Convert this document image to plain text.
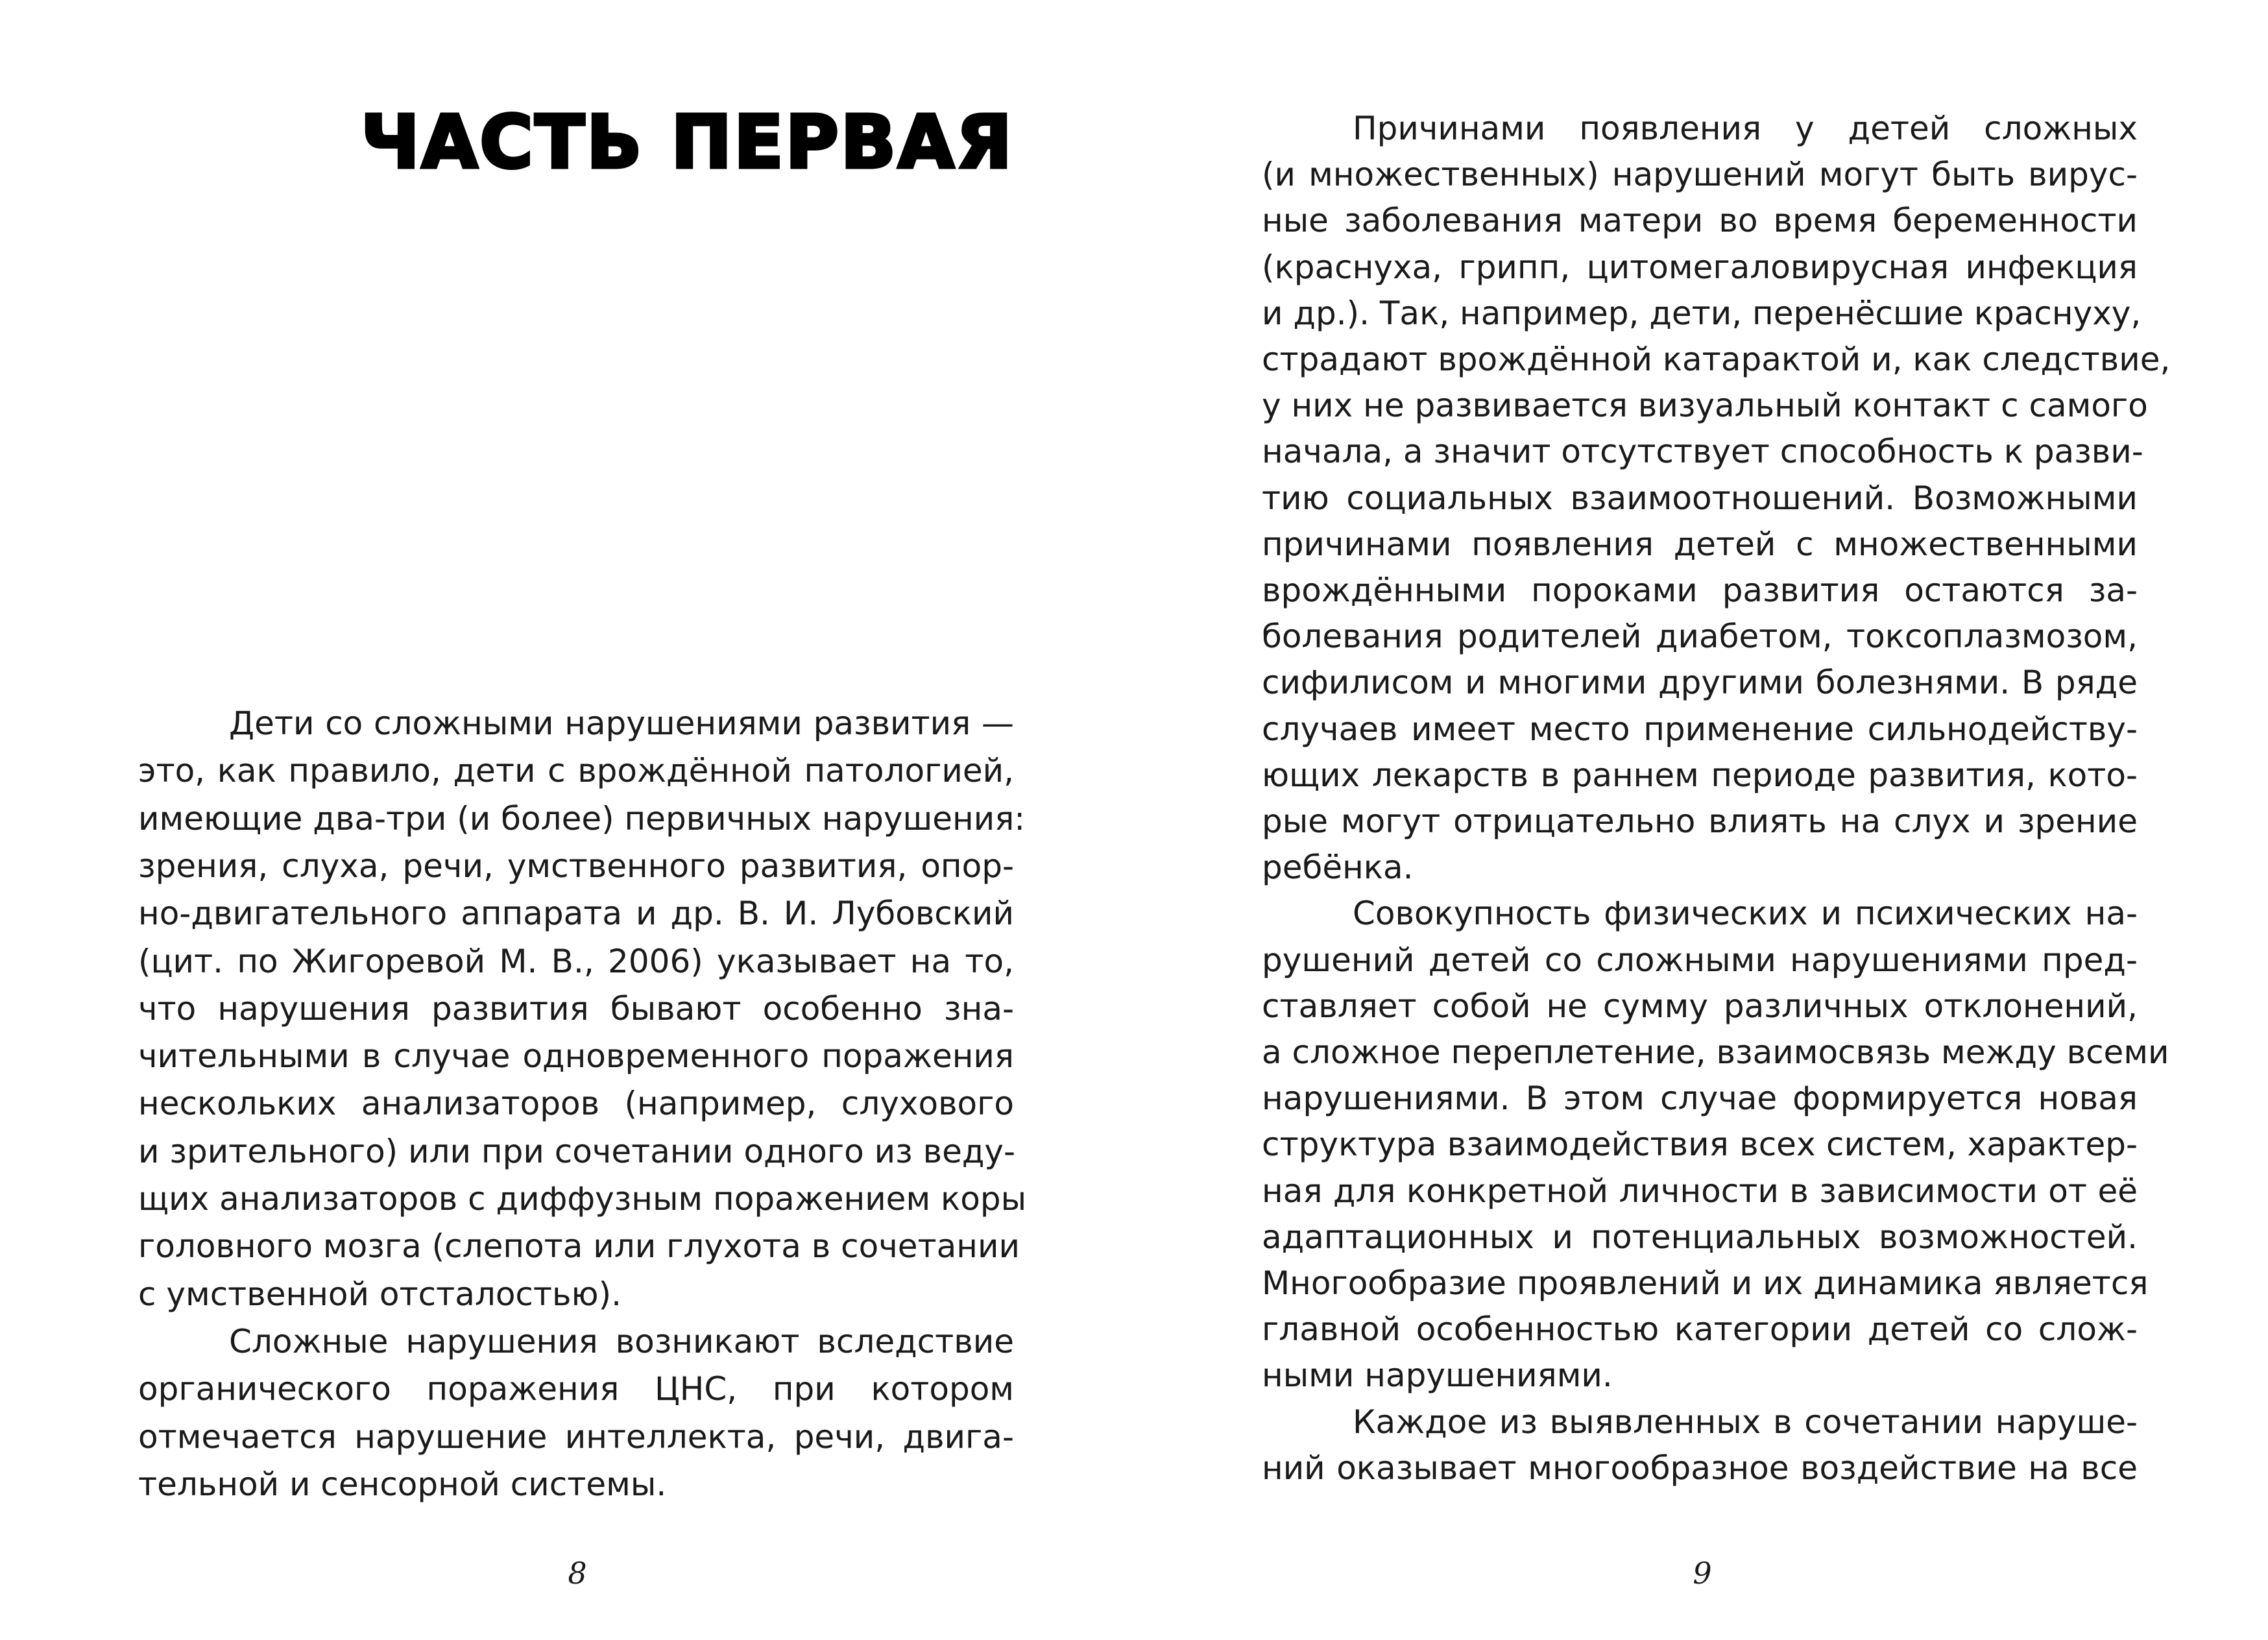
ЧАСТЬ ПЕРВАЯ

Дети со сложными нарушениями развития —

это, как правило, дети с врождённой патологией,

имеющие два-три (и более) первичных нарушения:

зрения, слуха, речи, умственного развития, опор-

но-двигательного аппарата и др. В. И. Лубовский

(цит. по Жигоревой М. В., 2006) указывает на то,

что нарушения развития бывают особенно зна-

чительными в случае одновременного поражения

нескольких анализаторов (например, слухового

и зрительного) или при сочетании одного из веду-

щих анализаторов с диффузным поражением коры

головного мозга (слепота или глухота в сочетании

с умственной отсталостью).

Сложные нарушения возникают вследствие

органического поражения ЦНС, при котором

отмечается нарушение интеллекта, речи, двига-

тельной и сенсорной системы.

8

Причинами появления у детей сложных

(и множественных) нарушений могут быть вирус-

ные заболевания матери во время беременности

(краснуха, грипп, цитомегаловирусная инфекция

и др.). Так, например, дети, перенёсшие краснуху,

страдают врождённой катарактой и, как следствие,

у них не развивается визуальный контакт с самого

начала, а значит отсутствует способность к разви-

тию социальных взаимоотношений. Возможными

причинами появления детей с множественными

врождёнными пороками развития остаются за-

болевания родителей диабетом, токсоплазмозом,

сифилисом и многими другими болезнями. В ряде

случаев имеет место применение сильнодейству-

ющих лекарств в раннем периоде развития, кото-

рые могут отрицательно влиять на слух и зрение

ребёнка.

Совокупность физических и психических на-

рушений детей со сложными нарушениями пред-

ставляет собой не сумму различных отклонений,

а сложное переплетение, взаимосвязь между всеми

нарушениями. В этом случае формируется новая

структура взаимодействия всех систем, характер-

ная для конкретной личности в зависимости от её

адаптационных и потенциальных возможностей.

Многообразие проявлений и их динамика является

главной особенностью категории детей со слож-

ными нарушениями.

Каждое из выявленных в сочетании наруше-

ний оказывает многообразное воздействие на все

9
